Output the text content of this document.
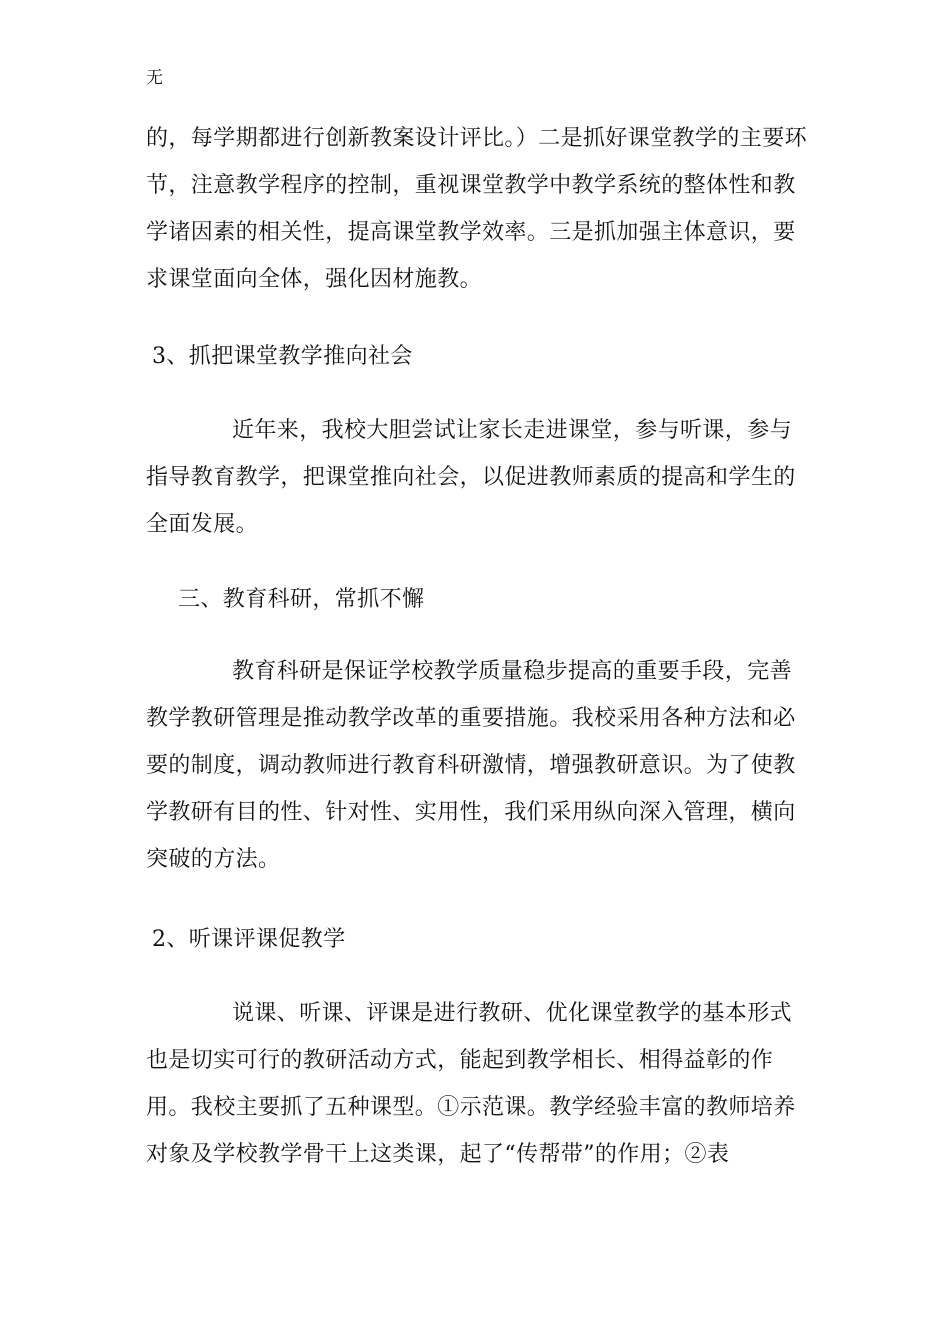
无

的，每学期都进行创新教案设计评比。）二是抓好课堂教学的主要环节，注意教学程序的控制，重视课堂教学中教学系统的整体性和教学诸因素的相关性，提高课堂教学效率。三是抓加强主体意识，要求课堂面向全体，强化因材施教。

3、抓把课堂教学推向社会

近年来，我校大胆尝试让家长走进课堂，参与听课，参与指导教育教学，把课堂推向社会，以促进教师素质的提高和学生的全面发展。

三、教育科研，常抓不懈

教育科研是保证学校教学质量稳步提高的重要手段，完善教学教研管理是推动教学改革的重要措施。我校采用各种方法和必要的制度，调动教师进行教育科研激情，增强教研意识。为了使教学教研有目的性、针对性、实用性，我们采用纵向深入管理，横向突破的方法。

2、听课评课促教学

说课、听课、评课是进行教研、优化课堂教学的基本形式也是切实可行的教研活动方式，能起到教学相长、相得益彰的作用。我校主要抓了五种课型。①示范课。教学经验丰富的教师培养对象及学校教学骨干上这类课，起了“传帮带”的作用；②表
